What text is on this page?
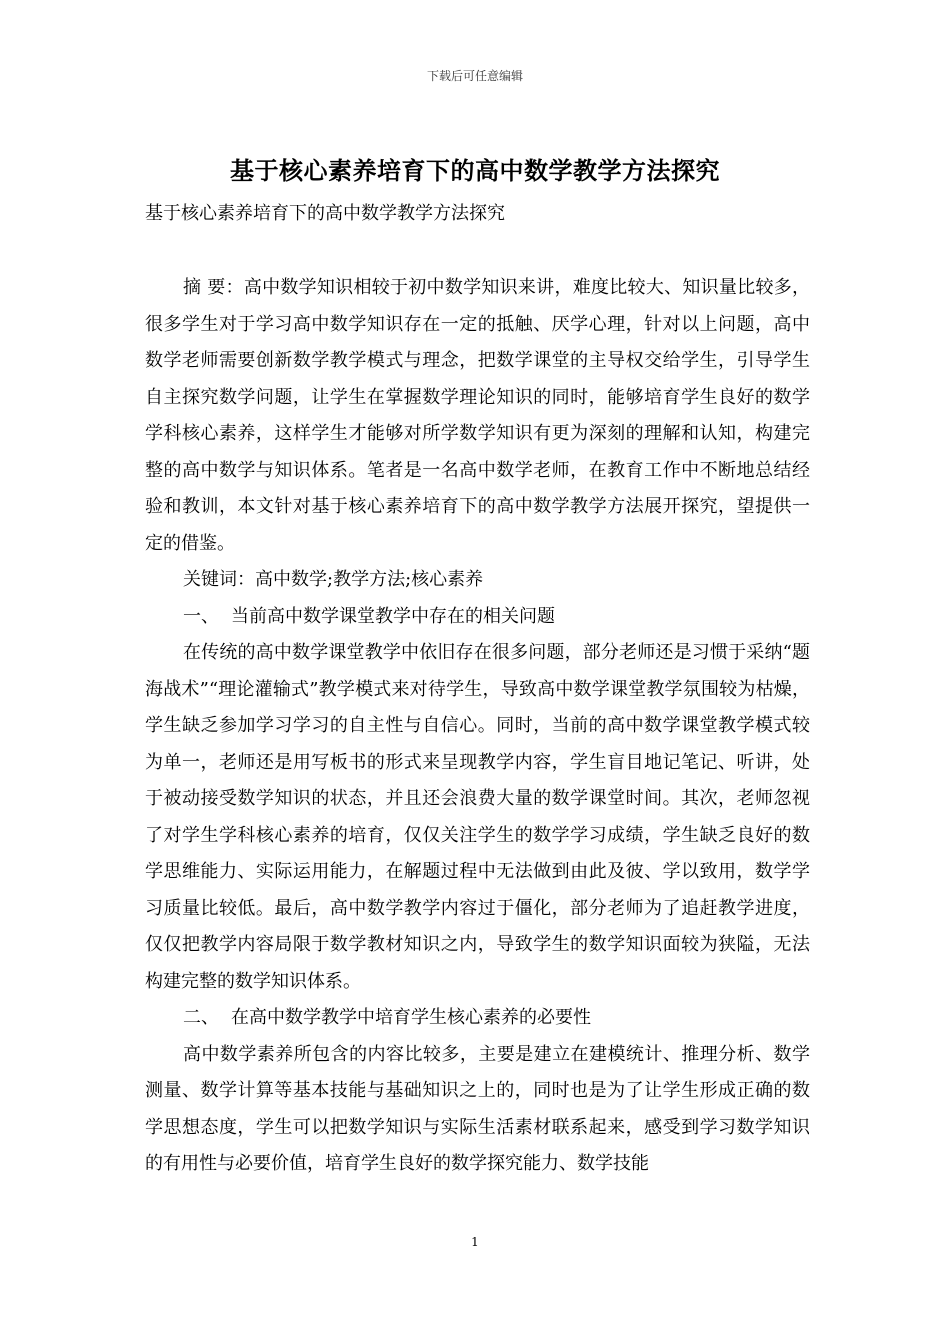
下载后可任意编辑
基于核心素养培育下的高中数学教学方法探究
基于核心素养培育下的高中数学教学方法探究

摘 要：高中数学知识相较于初中数学知识来讲，难度比较大、知识量比较多，很多学生对于学习高中数学知识存在一定的抵触、厌学心理，针对以上问题，高中数学老师需要创新数学教学模式与理念，把数学课堂的主导权交给学生，引导学生自主探究数学问题，让学生在掌握数学理论知识的同时，能够培育学生良好的数学学科核心素养，这样学生才能够对所学数学知识有更为深刻的理解和认知，构建完整的高中数学与知识体系。笔者是一名高中数学老师，在教育工作中不断地总结经验和教训，本文针对基于核心素养培育下的高中数学教学方法展开探究，望提供一定的借鉴。

关键词：高中数学;教学方法;核心素养

一、 当前高中数学课堂教学中存在的相关问题

在传统的高中数学课堂教学中依旧存在很多问题，部分老师还是习惯于采纳“题海战术”“理论灌输式”教学模式来对待学生，导致高中数学课堂教学氛围较为枯燥，学生缺乏参加学习学习的自主性与自信心。同时，当前的高中数学课堂教学模式较为单一，老师还是用写板书的形式来呈现教学内容，学生盲目地记笔记、听讲，处于被动接受数学知识的状态，并且还会浪费大量的数学课堂时间。其次，老师忽视了对学生学科核心素养的培育，仅仅关注学生的数学学习成绩，学生缺乏良好的数学思维能力、实际运用能力，在解题过程中无法做到由此及彼、学以致用，数学学习质量比较低。最后，高中数学教学内容过于僵化，部分老师为了追赶教学进度，仅仅把教学内容局限于数学教材知识之内，导致学生的数学知识面较为狭隘，无法构建完整的数学知识体系。

二、 在高中数学教学中培育学生核心素养的必要性

高中数学素养所包含的内容比较多，主要是建立在建模统计、推理分析、数学测量、数学计算等基本技能与基础知识之上的，同时也是为了让学生形成正确的数学思想态度，学生可以把数学知识与实际生活素材联系起来，感受到学习数学知识的有用性与必要价值，培育学生良好的数学探究能力、数学技能

1
